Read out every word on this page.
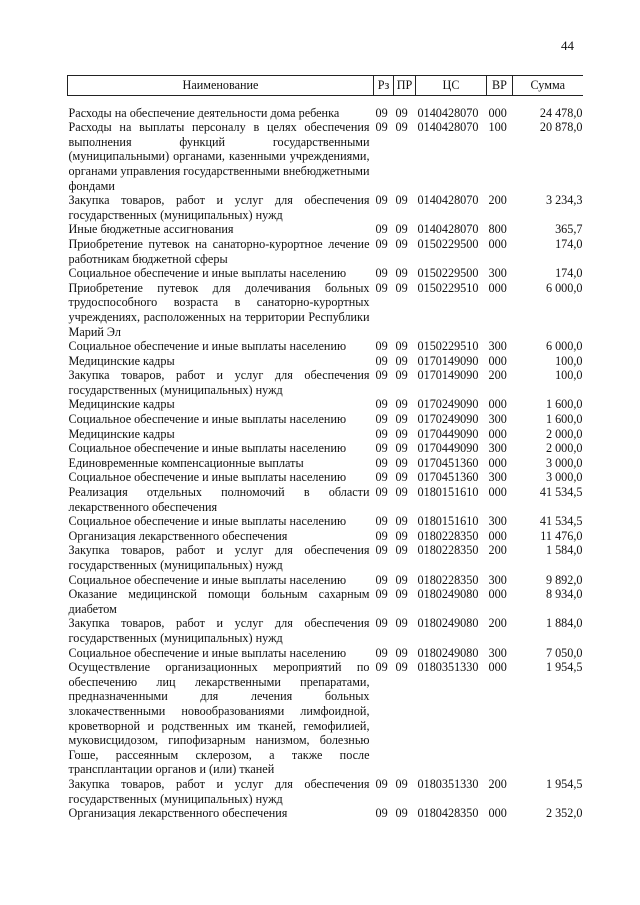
44
Наименование	Рз	ПР	ЦС	ВР	Сумма

Расходы на обеспечение деятельности дома ребенка	09	09	0140428070	000	24 478,0
Расходы на выплаты персоналу в целях обеспечения выполнения функций государственными (муниципальными) органами, казенными учреждениями, органами управления государственными внебюджетными фондами	09	09	0140428070	100	20 878,0
Закупка товаров, работ и услуг для обеспечения государственных (муниципальных) нужд	09	09	0140428070	200	3 234,3
Иные бюджетные ассигнования	09	09	0140428070	800	365,7
Приобретение путевок на санаторно-курортное лечение работникам бюджетной сферы	09	09	0150229500	000	174,0
Социальное обеспечение и иные выплаты населению	09	09	0150229500	300	174,0
Приобретение путевок для долечивания больных трудоспособного возраста в санаторно-курортных учреждениях, расположенных на территории Республики Марий Эл	09	09	0150229510	000	6 000,0
Социальное обеспечение и иные выплаты населению	09	09	0150229510	300	6 000,0
Медицинские кадры	09	09	0170149090	000	100,0
Закупка товаров, работ и услуг для обеспечения государственных (муниципальных) нужд	09	09	0170149090	200	100,0
Медицинские кадры	09	09	0170249090	000	1 600,0
Социальное обеспечение и иные выплаты населению	09	09	0170249090	300	1 600,0
Медицинские кадры	09	09	0170449090	000	2 000,0
Социальное обеспечение и иные выплаты населению	09	09	0170449090	300	2 000,0
Единовременные компенсационные выплаты	09	09	0170451360	000	3 000,0
Социальное обеспечение и иные выплаты населению	09	09	0170451360	300	3 000,0
Реализация отдельных полномочий в области лекарственного обеспечения	09	09	0180151610	000	41 534,5
Социальное обеспечение и иные выплаты населению	09	09	0180151610	300	41 534,5
Организация лекарственного обеспечения	09	09	0180228350	000	11 476,0
Закупка товаров, работ и услуг для обеспечения государственных (муниципальных) нужд	09	09	0180228350	200	1 584,0
Социальное обеспечение и иные выплаты населению	09	09	0180228350	300	9 892,0
Оказание медицинской помощи больным сахарным диабетом	09	09	0180249080	000	8 934,0
Закупка товаров, работ и услуг для обеспечения государственных (муниципальных) нужд	09	09	0180249080	200	1 884,0
Социальное обеспечение и иные выплаты населению	09	09	0180249080	300	7 050,0
Осуществление организационных мероприятий по обеспечению лиц лекарственными препаратами, предназначенными для лечения больных злокачественными новообразованиями лимфоидной, кроветворной и родственных им тканей, гемофилией, муковисцидозом, гипофизарным нанизмом, болезнью Гоше, рассеянным склерозом, а также после трансплантации органов и (или) тканей	09	09	0180351330	000	1 954,5
Закупка товаров, работ и услуг для обеспечения государственных (муниципальных) нужд	09	09	0180351330	200	1 954,5
Организация лекарственного обеспечения	09	09	0180428350	000	2 352,0
